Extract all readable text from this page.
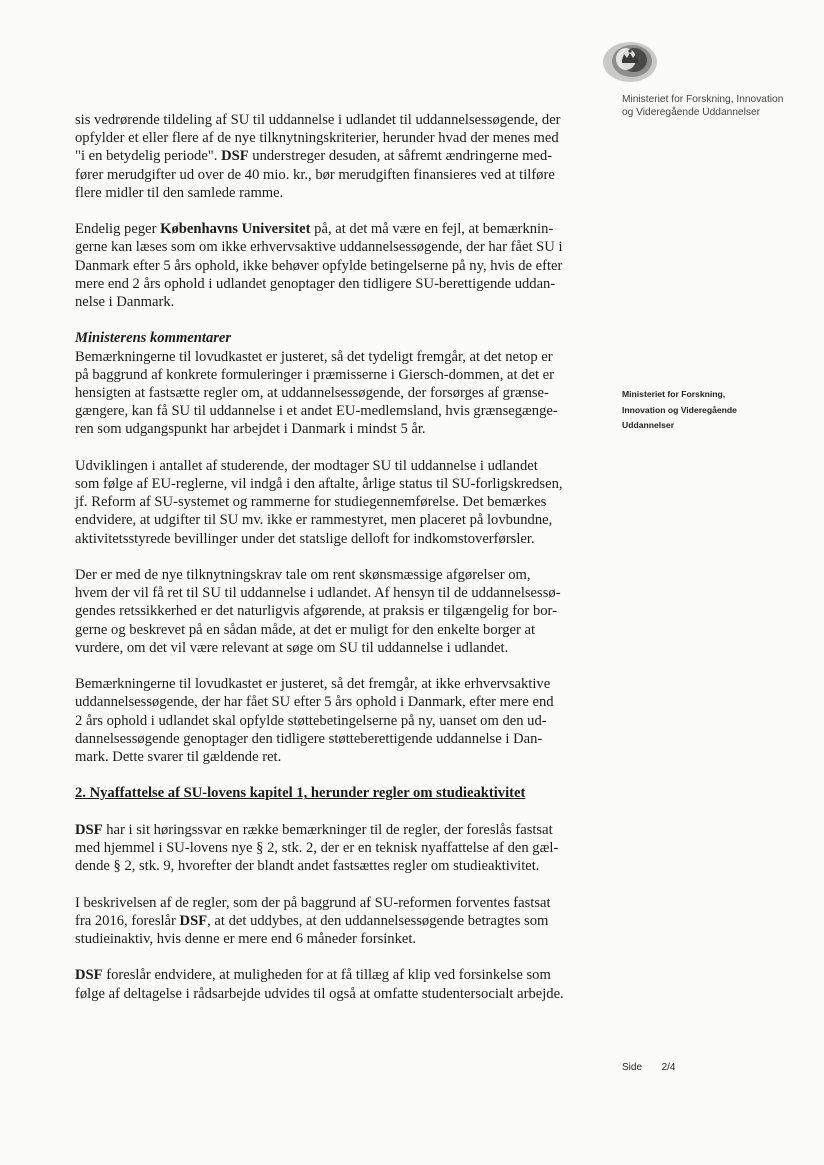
Ministeriet for Forskning, Innovation
og Videregående Uddannelser
Ministeriet for Forskning,
Innovation og Videregående
Uddannelser

sis vedrørende tildeling af SU til uddannelse i udlandet til uddannelsessøgende, der
opfylder et eller flere af de nye tilknytningskriterier, herunder hvad der menes med
"i en betydelig periode". DSF understreger desuden, at såfremt ændringerne med-
fører merudgifter ud over de 40 mio. kr., bør merudgiften finansieres ved at tilføre
flere midler til den samlede ramme.

Endelig peger Københavns Universitet på, at det må være en fejl, at bemærknin-
gerne kan læses som om ikke erhvervsaktive uddannelsessøgende, der har fået SU i
Danmark efter 5 års ophold, ikke behøver opfylde betingelserne på ny, hvis de efter
mere end 2 års ophold i udlandet genoptager den tidligere SU-berettigende uddan-
nelse i Danmark.

Ministerens kommentarer
Bemærkningerne til lovudkastet er justeret, så det tydeligt fremgår, at det netop er
på baggrund af konkrete formuleringer i præmisserne i Giersch-dommen, at det er
hensigten at fastsætte regler om, at uddannelsessøgende, der forsørges af grænse-
gængere, kan få SU til uddannelse i et andet EU-medlemsland, hvis grænsegænge-
ren som udgangspunkt har arbejdet i Danmark i mindst 5 år.

Udviklingen i antallet af studerende, der modtager SU til uddannelse i udlandet
som følge af EU-reglerne, vil indgå i den aftalte, årlige status til SU-forligskredsen,
jf. Reform af SU-systemet og rammerne for studiegennemførelse. Det bemærkes
endvidere, at udgifter til SU mv. ikke er rammestyret, men placeret på lovbundne,
aktivitetsstyrede bevillinger under det statslige delloft for indkomstoverførsler.

Der er med de nye tilknytningskrav tale om rent skønsmæssige afgørelser om,
hvem der vil få ret til SU til uddannelse i udlandet. Af hensyn til de uddannelsessø-
gendes retssikkerhed er det naturligvis afgørende, at praksis er tilgængelig for bor-
gerne og beskrevet på en sådan måde, at det er muligt for den enkelte borger at
vurdere, om det vil være relevant at søge om SU til uddannelse i udlandet.

Bemærkningerne til lovudkastet er justeret, så det fremgår, at ikke erhvervsaktive
uddannelsessøgende, der har fået SU efter 5 års ophold i Danmark, efter mere end
2 års ophold i udlandet skal opfylde støttebetingelserne på ny, uanset om den ud-
dannelsessøgende genoptager den tidligere støtteberettigende uddannelse i Dan-
mark. Dette svarer til gældende ret.

2. Nyaffattelse af SU-lovens kapitel 1, herunder regler om studieaktivitet

DSF har i sit høringssvar en række bemærkninger til de regler, der foreslås fastsat
med hjemmel i SU-lovens nye § 2, stk. 2, der er en teknisk nyaffattelse af den gæl-
dende § 2, stk. 9, hvorefter der blandt andet fastsættes regler om studieaktivitet.

I beskrivelsen af de regler, som der på baggrund af SU-reformen forventes fastsat
fra 2016, foreslår DSF, at det uddybes, at den uddannelsessøgende betragtes som
studieinaktiv, hvis denne er mere end 6 måneder forsinket.

DSF foreslår endvidere, at muligheden for at få tillæg af klip ved forsinkelse som
følge af deltagelse i rådsarbejde udvides til også at omfatte studentersocialt arbejde.

Side 2/4
